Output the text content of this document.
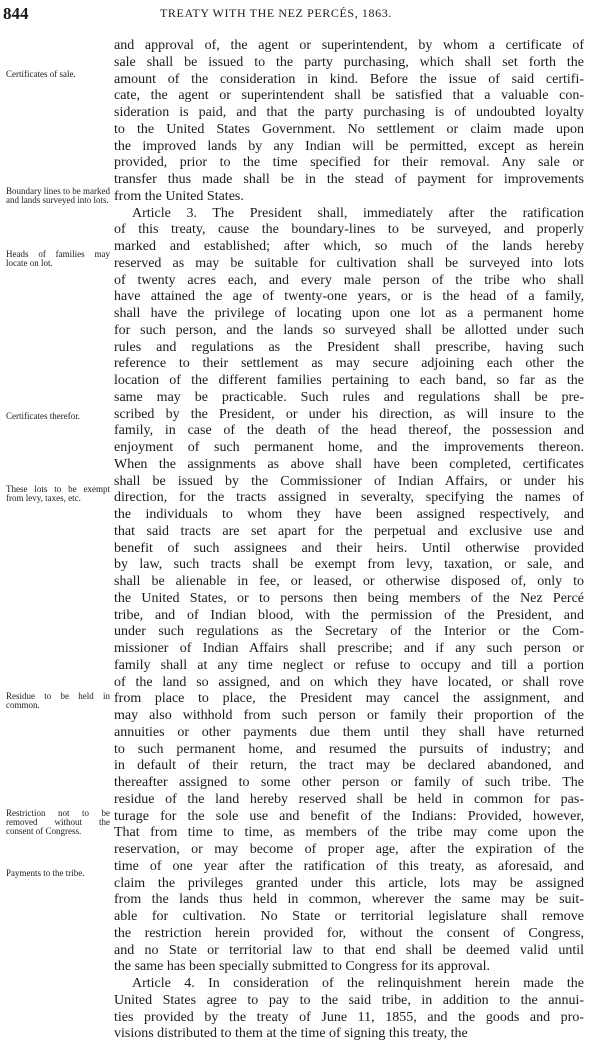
844	TREATY WITH THE NEZ PERCÉS, 1863.
Certificates of sale.
Boundary lines to be marked and lands surveyed into lots.
Heads of families may locate on lot.
Certificates therefor.
These lots to be exempt from levy, taxes, etc.
Residue to be held in common.
Restriction not to be removed without the consent of Congress.
Payments to the tribe.
and approval of, the agent or superintendent, by whom a certificate of
sale shall be issued to the party purchasing, which shall set forth the
amount of the consideration in kind. Before the issue of said certifi-
cate, the agent or superintendent shall be satisfied that a valuable con-
sideration is paid, and that the party purchasing is of undoubted loyalty
to the United States Government. No settlement or claim made upon
the improved lands by any Indian will be permitted, except as herein
provided, prior to the time specified for their removal. Any sale or
transfer thus made shall be in the stead of payment for improvements
from the United States.
Article 3. The President shall, immediately after the ratification
of this treaty, cause the boundary-lines to be surveyed, and properly
marked and established; after which, so much of the lands hereby
reserved as may be suitable for cultivation shall be surveyed into lots
of twenty acres each, and every male person of the tribe who shall
have attained the age of twenty-one years, or is the head of a family,
shall have the privilege of locating upon one lot as a permanent home
for such person, and the lands so surveyed shall be allotted under such
rules and regulations as the President shall prescribe, having such
reference to their settlement as may secure adjoining each other the
location of the different families pertaining to each band, so far as the
same may be practicable. Such rules and regulations shall be pre-
scribed by the President, or under his direction, as will insure to the
family, in case of the death of the head thereof, the possession and
enjoyment of such permanent home, and the improvements thereon.
When the assignments as above shall have been completed, certificates
shall be issued by the Commissioner of Indian Affairs, or under his
direction, for the tracts assigned in severalty, specifying the names of
the individuals to whom they have been assigned respectively, and
that said tracts are set apart for the perpetual and exclusive use and
benefit of such assignees and their heirs. Until otherwise provided
by law, such tracts shall be exempt from levy, taxation, or sale, and
shall be alienable in fee, or leased, or otherwise disposed of, only to
the United States, or to persons then being members of the Nez Percé
tribe, and of Indian blood, with the permission of the President, and
under such regulations as the Secretary of the Interior or the Com-
missioner of Indian Affairs shall prescribe; and if any such person or
family shall at any time neglect or refuse to occupy and till a portion
of the land so assigned, and on which they have located, or shall rove
from place to place, the President may cancel the assignment, and
may also withhold from such person or family their proportion of the
annuities or other payments due them until they shall have returned
to such permanent home, and resumed the pursuits of industry; and
in default of their return, the tract may be declared abandoned, and
thereafter assigned to some other person or family of such tribe. The
residue of the land hereby reserved shall be held in common for pas-
turage for the sole use and benefit of the Indians: Provided, however,
That from time to time, as members of the tribe may come upon the
reservation, or may become of proper age, after the expiration of the
time of one year after the ratification of this treaty, as aforesaid, and
claim the privileges granted under this article, lots may be assigned
from the lands thus held in common, wherever the same may be suit-
able for cultivation. No State or territorial legislature shall remove
the restriction herein provided for, without the consent of Congress,
and no State or territorial law to that end shall be deemed valid until
the same has been specially submitted to Congress for its approval.
Article 4. In consideration of the relinquishment herein made the
United States agree to pay to the said tribe, in addition to the annui-
ties provided by the treaty of June 11, 1855, and the goods and pro-
visions distributed to them at the time of signing this treaty, the
